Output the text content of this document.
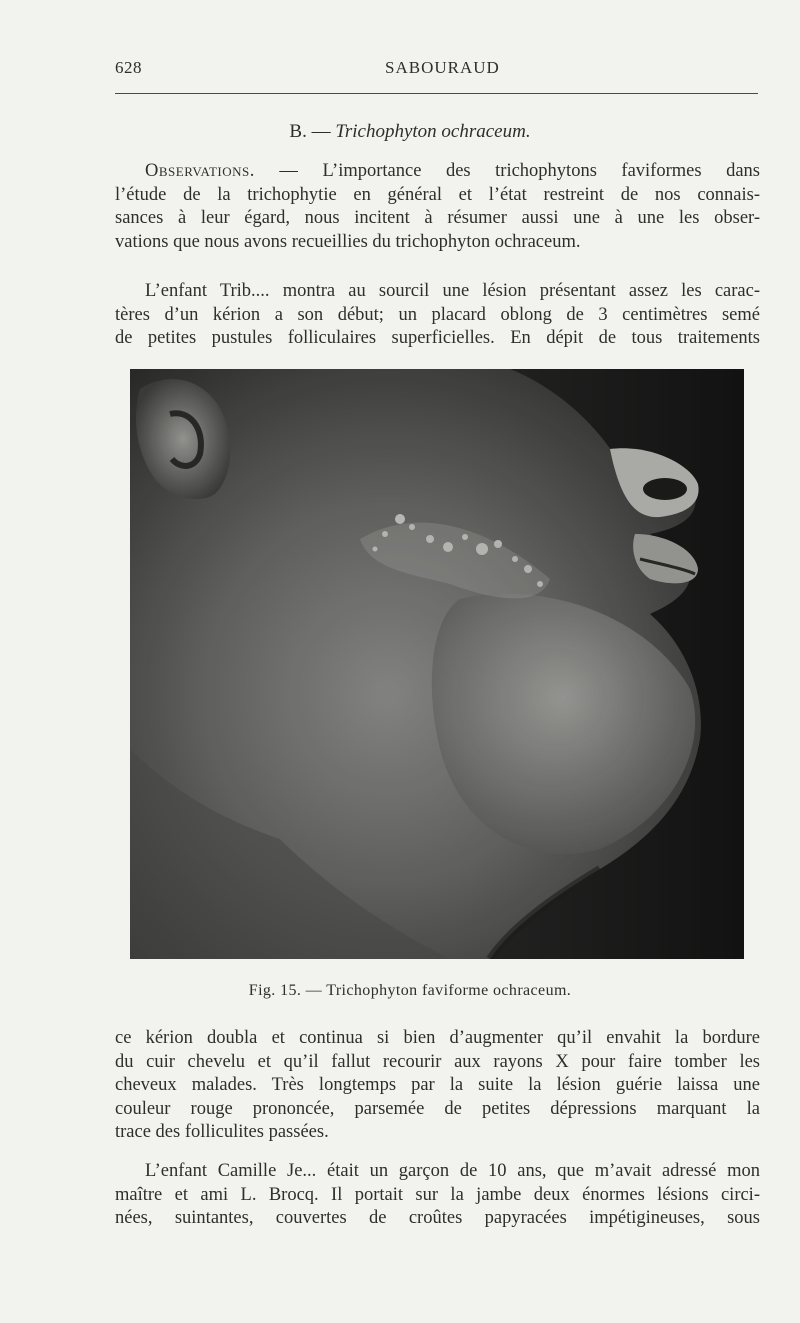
628	SABOURAUD
B. — Trichophyton ochraceum.
Observations. — L’importance des trichophytons faviformes dans
l’étude de la trichophytie en général et l’état restreint de nos connais-
sances à leur égard, nous incitent à résumer aussi une à une les obser-
vations que nous avons recueillies du trichophyton ochraceum.
L’enfant Trib.... montra au sourcil une lésion présentant assez les carac-
tères d’un kérion a son début; un placard oblong de 3 centimètres semé
de petites pustules folliculaires superficielles. En dépit de tous traitements
Fig. 15. — Trichophyton faviforme ochraceum.
ce kérion doubla et continua si bien d’augmenter qu’il envahit la bordure
du cuir chevelu et qu’il fallut recourir aux rayons X pour faire tomber les
cheveux malades. Très longtemps par la suite la lésion guérie laissa une
couleur rouge prononcée, parsemée de petites dépressions marquant la
trace des folliculites passées.
L’enfant Camille Je... était un garçon de 10 ans, que m’avait adressé mon
maître et ami L. Brocq. Il portait sur la jambe deux énormes lésions circi-
nées, suintantes, couvertes de croûtes papyracées impétigineuses, sous
